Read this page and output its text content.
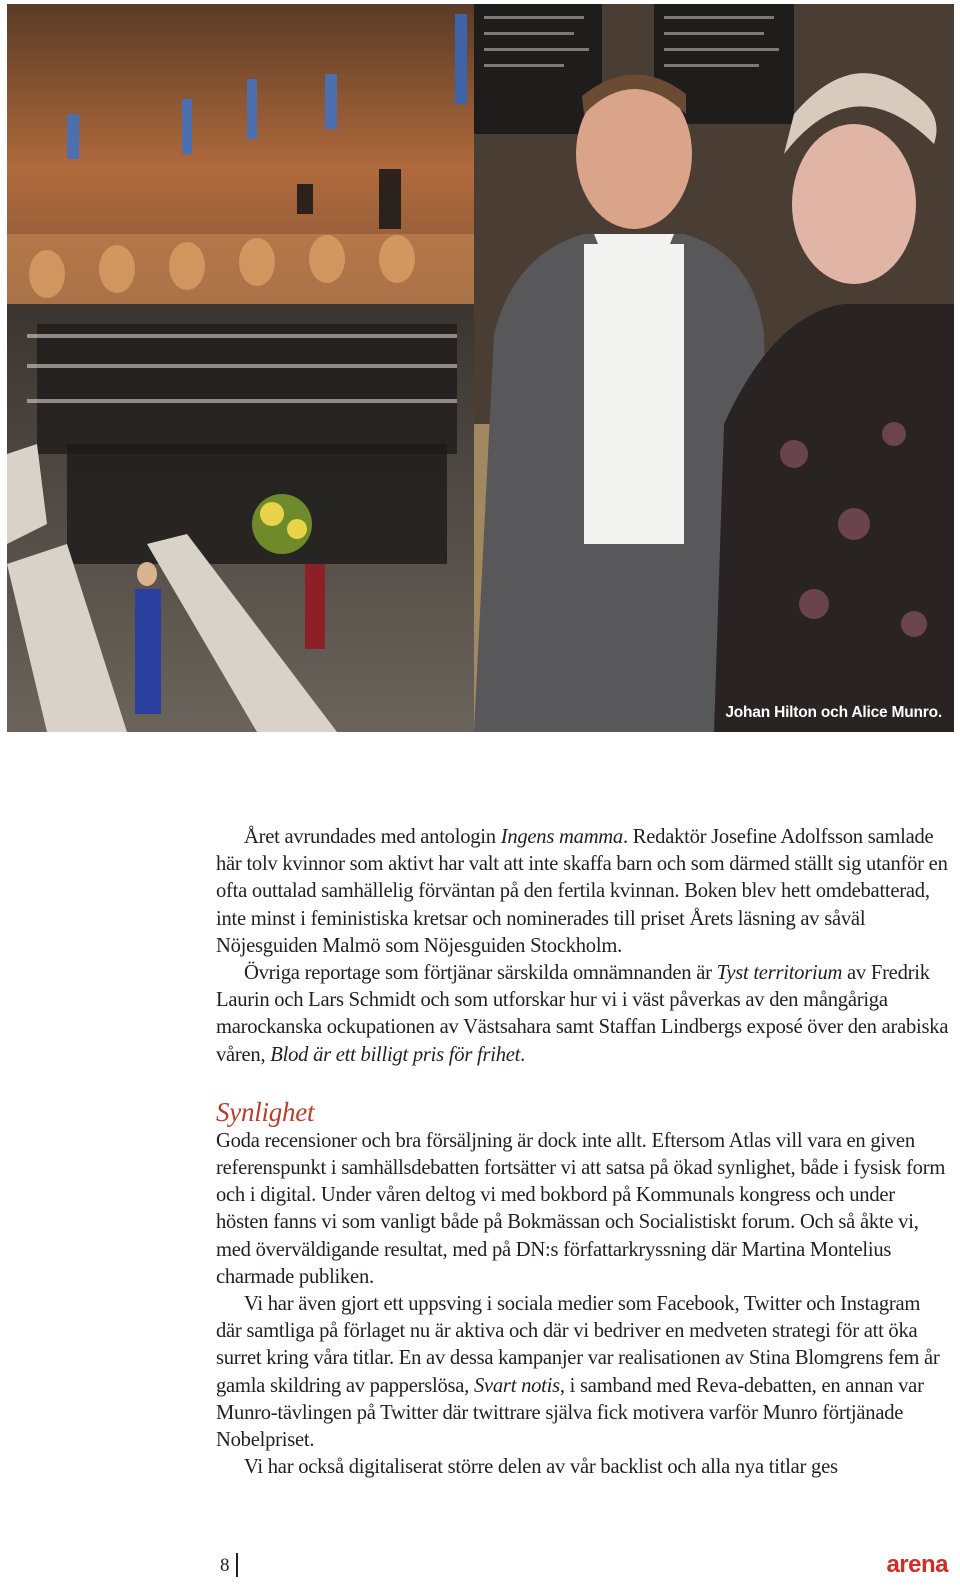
Johan Hilton och Alice Munro.

Året avrundades med antologin Ingens mamma. Redaktör Josefine Adolfsson samlade här tolv kvinnor som aktivt har valt att inte skaffa barn och som därmed ställt sig utanför en ofta outtalad samhällelig förväntan på den fertila kvinnan. Boken blev hett omdebatterad, inte minst i feministiska kretsar och nominerades till priset Årets läsning av såväl Nöjesguiden Malmö som Nöjesguiden Stockholm.

Övriga reportage som förtjänar särskilda omnämnanden är Tyst territorium av Fredrik Laurin och Lars Schmidt och som utforskar hur vi i väst påverkas av den mångåriga marockanska ockupationen av Västsahara samt Staffan Lindbergs exposé över den arabiska våren, Blod är ett billigt pris för frihet.

Synlighet

Goda recensioner och bra försäljning är dock inte allt. Eftersom Atlas vill vara en given referenspunkt i samhällsdebatten fortsätter vi att satsa på ökad synlighet, både i fysisk form och i digital. Under våren deltog vi med bokbord på Kommunals kongress och under hösten fanns vi som vanligt både på Bokmässan och Socialistiskt forum. Och så åkte vi, med överväldigande resultat, med på DN:s författarkryssning där Martina Montelius charmade publiken.

Vi har även gjort ett uppsving i sociala medier som Facebook, Twitter och Instagram där samtliga på förlaget nu är aktiva och där vi bedriver en medveten strategi för att öka surret kring våra titlar. En av dessa kampanjer var realisationen av Stina Blomgrens fem år gamla skildring av papperslösa, Svart notis, i samband med Reva-debatten, en annan var Munro-tävlingen på Twitter där twittrare själva fick motivera varför Munro förtjänade Nobelpriset.

Vi har också digitaliserat större delen av vår backlist och alla nya titlar ges

8	arena
